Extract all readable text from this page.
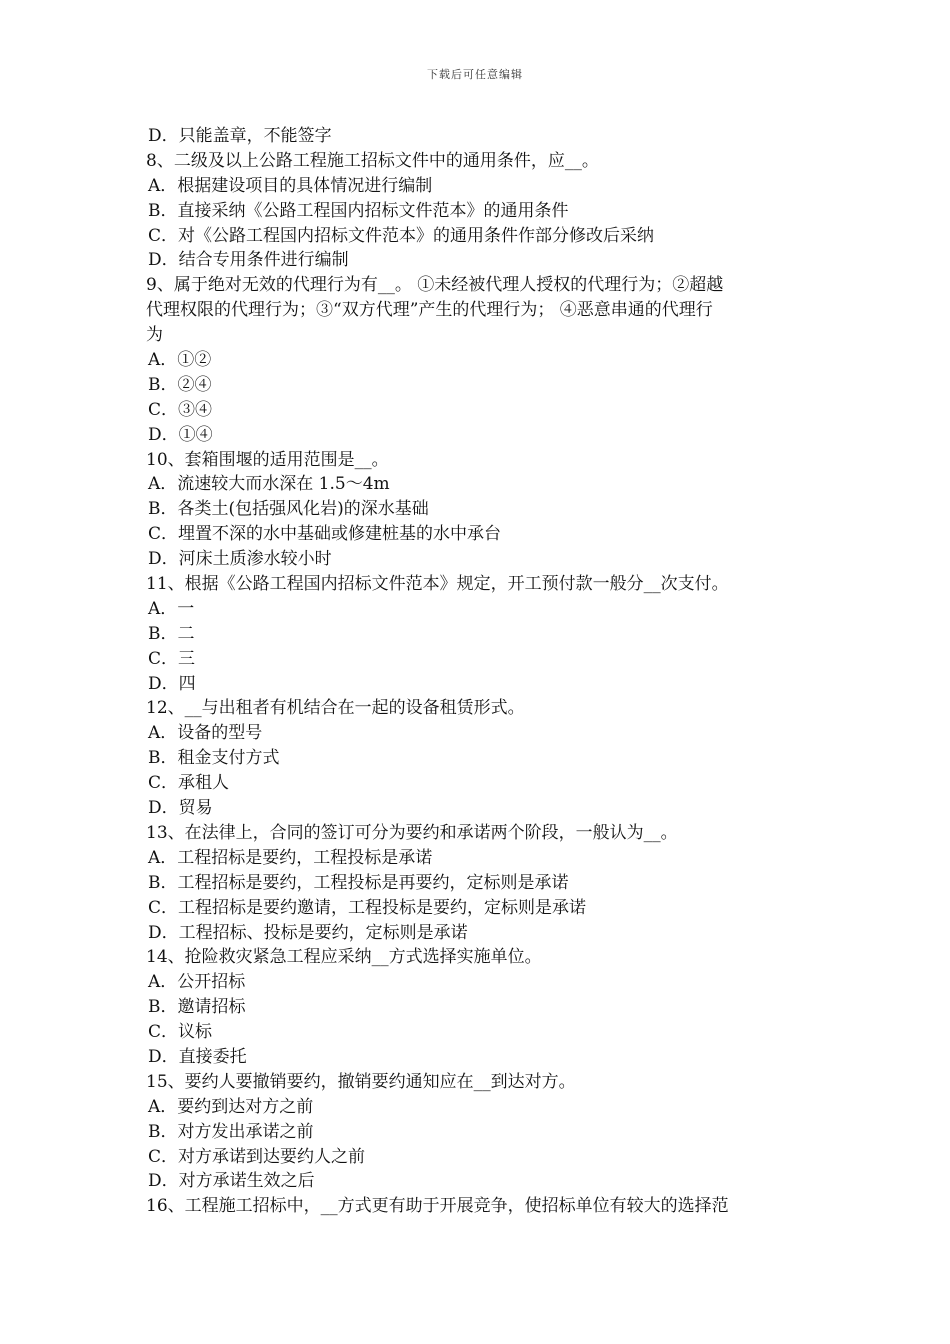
下载后可任意编辑
D．只能盖章，不能签字
8、二级及以上公路工程施工招标文件中的通用条件，应__。
A．根据建设项目的具体情况进行编制
B．直接采纳《公路工程国内招标文件范本》的通用条件
C．对《公路工程国内招标文件范本》的通用条件作部分修改后采纳
D．结合专用条件进行编制
9、属于绝对无效的代理行为有__。 ①未经被代理人授权的代理行为；②超越
代理权限的代理行为；③“双方代理”产生的代理行为； ④恶意串通的代理行
为
A．①②
B．②④
C．③④
D．①④
10、套箱围堰的适用范围是__。
A．流速较大而水深在 1.5～4m
B．各类土(包括强风化岩)的深水基础
C．埋置不深的水中基础或修建桩基的水中承台
D．河床土质渗水较小时
11、根据《公路工程国内招标文件范本》规定，开工预付款一般分__次支付。
A．一
B．二
C．三
D．四
12、__与出租者有机结合在一起的设备租赁形式。
A．设备的型号
B．租金支付方式
C．承租人
D．贸易
13、在法律上，合同的签订可分为要约和承诺两个阶段，一般认为__。
A．工程招标是要约，工程投标是承诺
B．工程招标是要约，工程投标是再要约，定标则是承诺
C．工程招标是要约邀请，工程投标是要约，定标则是承诺
D．工程招标、投标是要约，定标则是承诺
14、抢险救灾紧急工程应采纳__方式选择实施单位。
A．公开招标
B．邀请招标
C．议标
D．直接委托
15、要约人要撤销要约，撤销要约通知应在__到达对方。
A．要约到达对方之前
B．对方发出承诺之前
C．对方承诺到达要约人之前
D．对方承诺生效之后
16、工程施工招标中，__方式更有助于开展竞争，使招标单位有较大的选择范
